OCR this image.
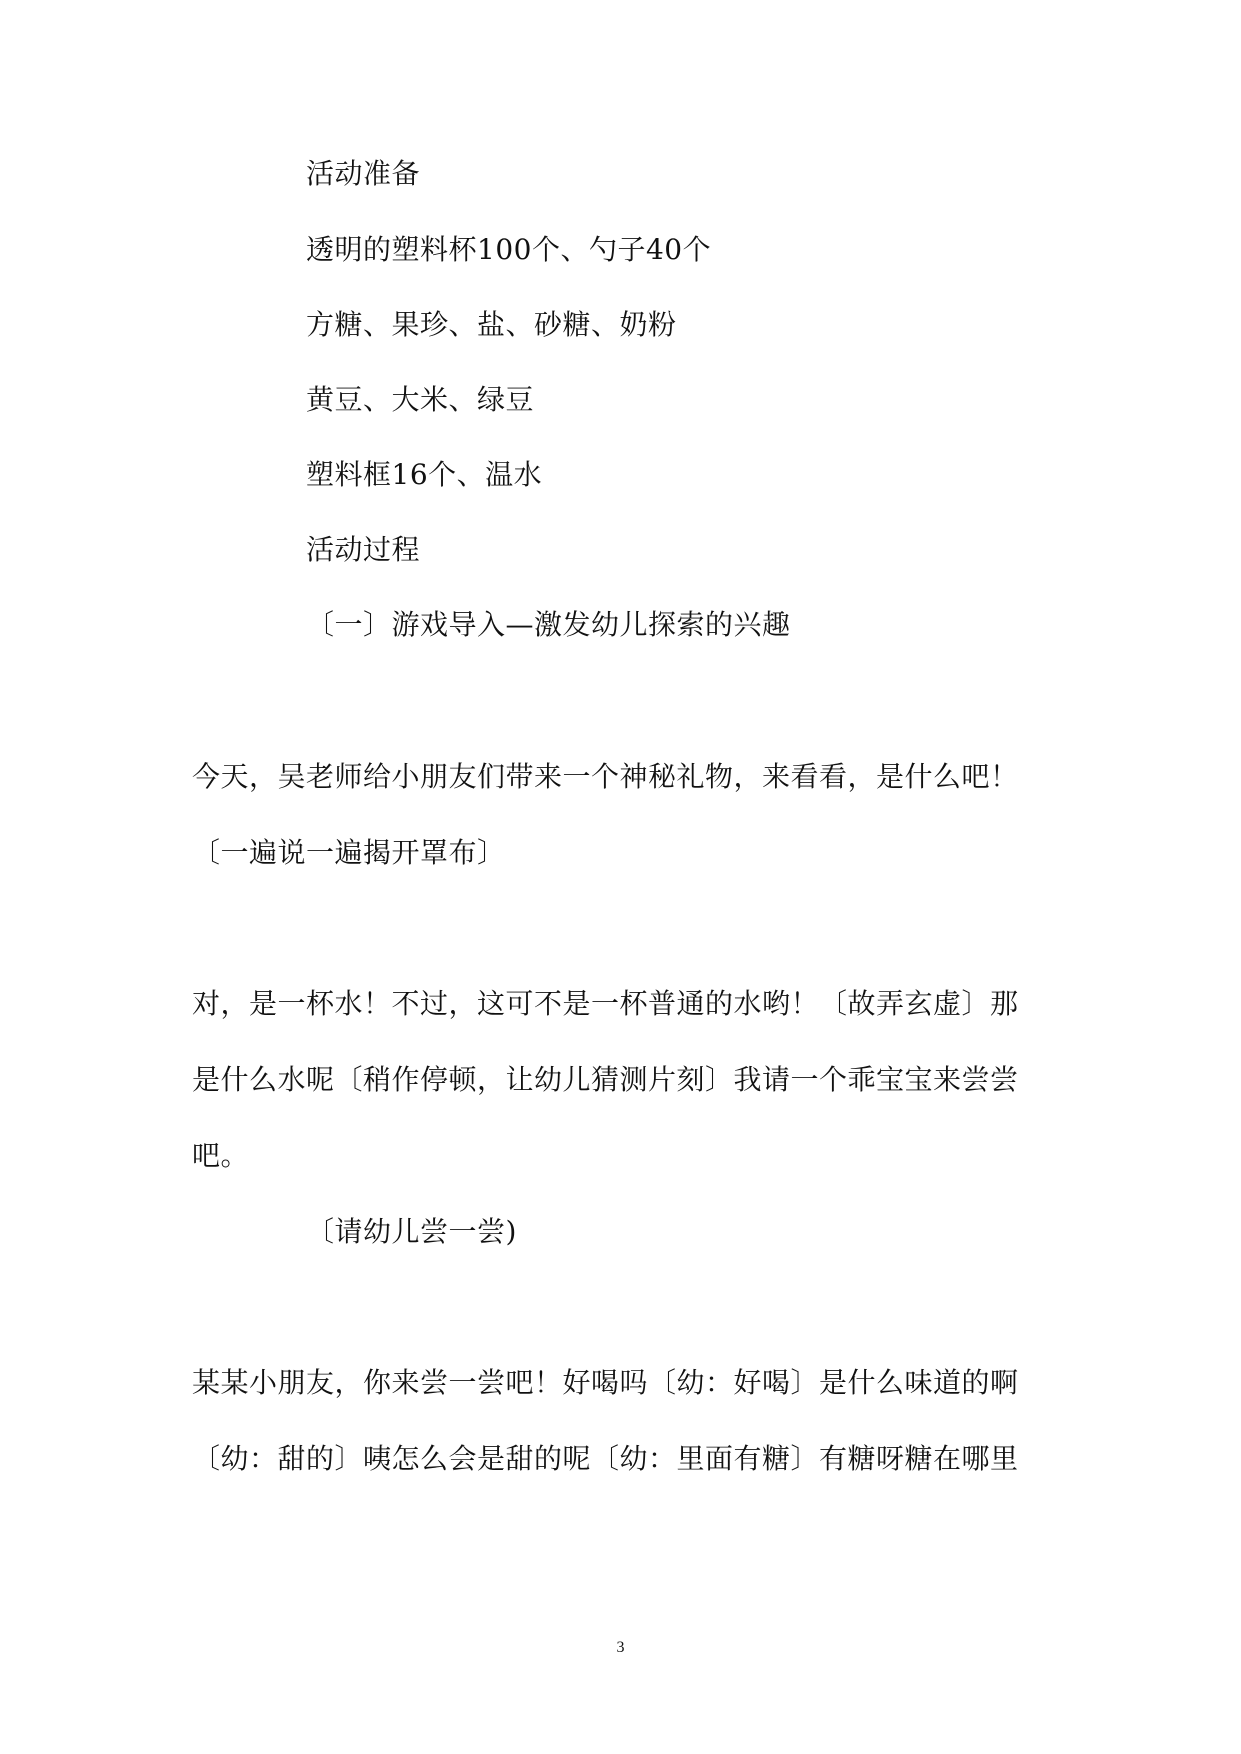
活动准备
透明的塑料杯100个、勺子40个
方糖、果珍、盐、砂糖、奶粉
黄豆、大米、绿豆
塑料框16个、温水
活动过程
〔一〕游戏导入—激发幼儿探索的兴趣
今天，吴老师给小朋友们带来一个神秘礼物，来看看，是什么吧！
〔一遍说一遍揭开罩布〕
对，是一杯水！不过，这可不是一杯普通的水哟！〔故弄玄虚〕那
是什么水呢〔稍作停顿，让幼儿猜测片刻〕我请一个乖宝宝来尝尝
吧。
〔请幼儿尝一尝)
某某小朋友，你来尝一尝吧！好喝吗〔幼：好喝〕是什么味道的啊
〔幼：甜的〕咦怎么会是甜的呢〔幼：里面有糖〕有糖呀糖在哪里
3
